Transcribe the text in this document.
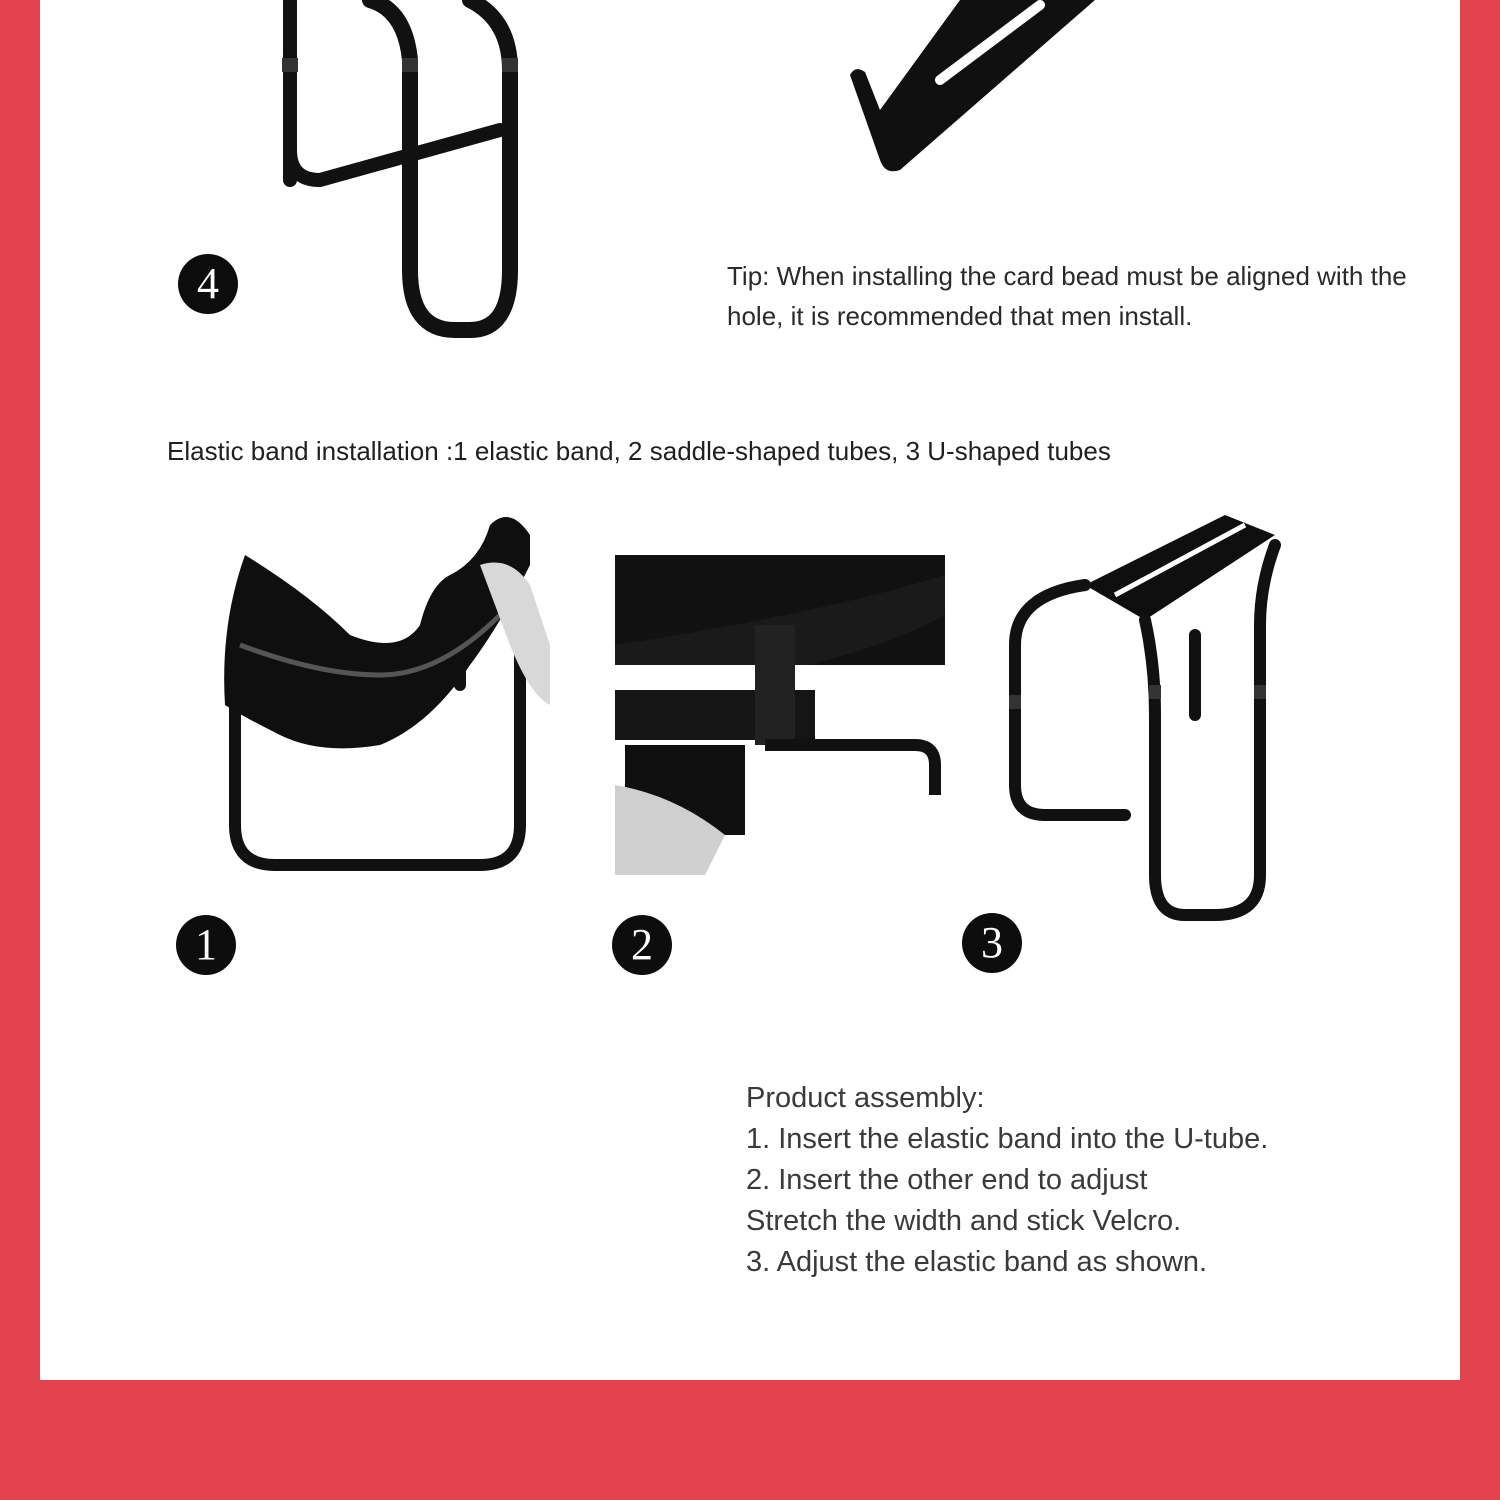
4	Tip: When installing the card bead must be aligned with the
hole, it is recommended that men install.
Elastic band installation :1 elastic band, 2 saddle-shaped tubes, 3 U-shaped tubes
1	2	3
Product assembly:
1. Insert the elastic band into the U-tube.
2. Insert the other end to adjust
Stretch the width and stick Velcro.
3. Adjust the elastic band as shown.
